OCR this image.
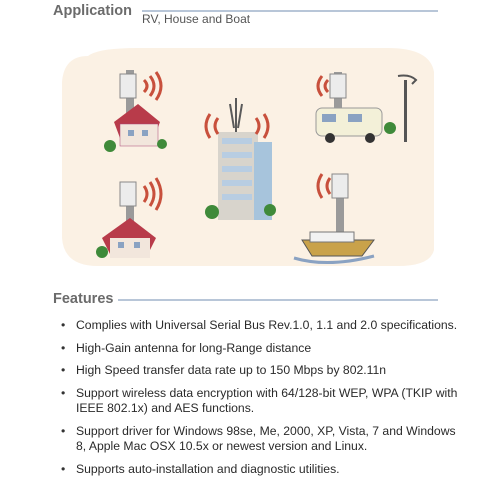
Application RV, House and Boat
Features
• Complies with Universal Serial Bus Rev.1.0, 1.1 and 2.0 specifications.
• High-Gain antenna for long-Range distance
• High Speed transfer data rate up to 150 Mbps by 802.11n
• Support wireless data encryption with 64/128-bit WEP, WPA (TKIP with IEEE 802.1x) and AES functions.
• Support driver for Windows 98se, Me, 2000, XP, Vista, 7 and Windows 8, Apple Mac OSX 10.5x or newest version and Linux.
• Supports auto-installation and diagnostic utilities.
